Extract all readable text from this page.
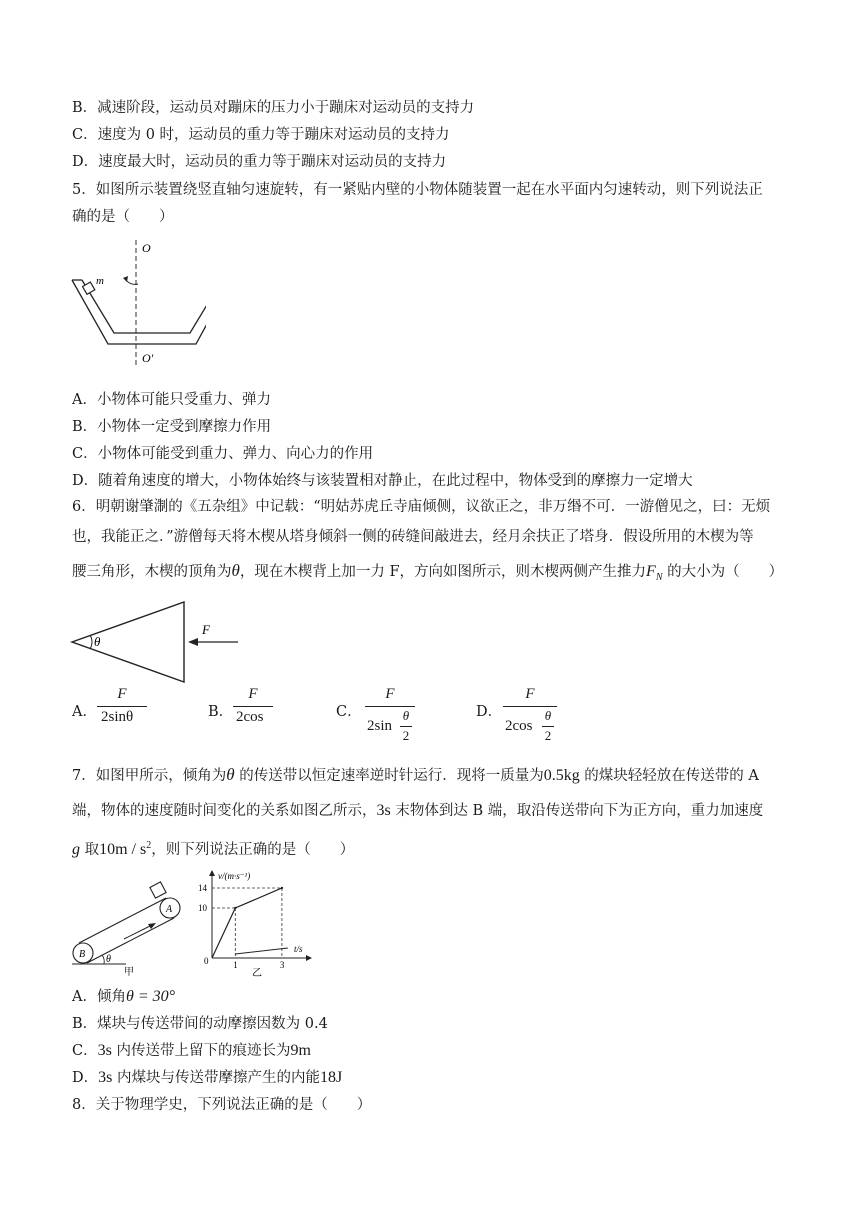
B．减速阶段，运动员对蹦床的压力小于蹦床对运动员的支持力
C．速度为 0 时，运动员的重力等于蹦床对运动员的支持力
D．速度最大时，运动员的重力等于蹦床对运动员的支持力
5．如图所示装置绕竖直轴匀速旋转，有一紧贴内壁的小物体随装置一起在水平面内匀速转动，则下列说法正
确的是（　　）
O
O′
m
A．小物体可能只受重力、弹力
B．小物体一定受到摩擦力作用
C．小物体可能受到重力、弹力、向心力的作用
D．随着角速度的增大，小物体始终与该装置相对静止，在此过程中，物体受到的摩擦力一定增大
6．明朝谢肇淛的《五杂组》中记载：“明姑苏虎丘寺庙倾侧，议欲正之，非万缗不可．一游僧见之，曰：无烦
也，我能正之．”游僧每天将木楔从塔身倾斜一侧的砖缝间敲进去，经月余扶正了塔身．假设所用的木楔为等
腰三角形，木楔的顶角为θ，现在木楔背上加一力 F，方向如图所示，则木楔两侧产生推力$F_N$ 的大小为（　　）
θ
F
A．
F
2sinθ	B．
F
2cos	C．
F
2sin
θ
2
D．
F
2cos
θ
2
7．如图甲所示，倾角为θ 的传送带以恒定速率逆时针运行．现将一质量为0.5kg 的煤块轻轻放在传送带的 A
端，物体的速度随时间变化的关系如图乙所示，3s 末物体到达 B 端，取沿传送带向下为正方向，重力加速度
g 取$10m / s^2$，则下列说法正确的是（　　）
θ
A
B
甲
v/(m·s⁻¹)
t/s
0
14
10
1	3
乙
A．倾角θ = 30°
B．煤块与传送带间的动摩擦因数为 0.4
C．3s 内传送带上留下的痕迹长为9m
D．3s 内煤块与传送带摩擦产生的内能18J
8．关于物理学史，下列说法正确的是（　　）
